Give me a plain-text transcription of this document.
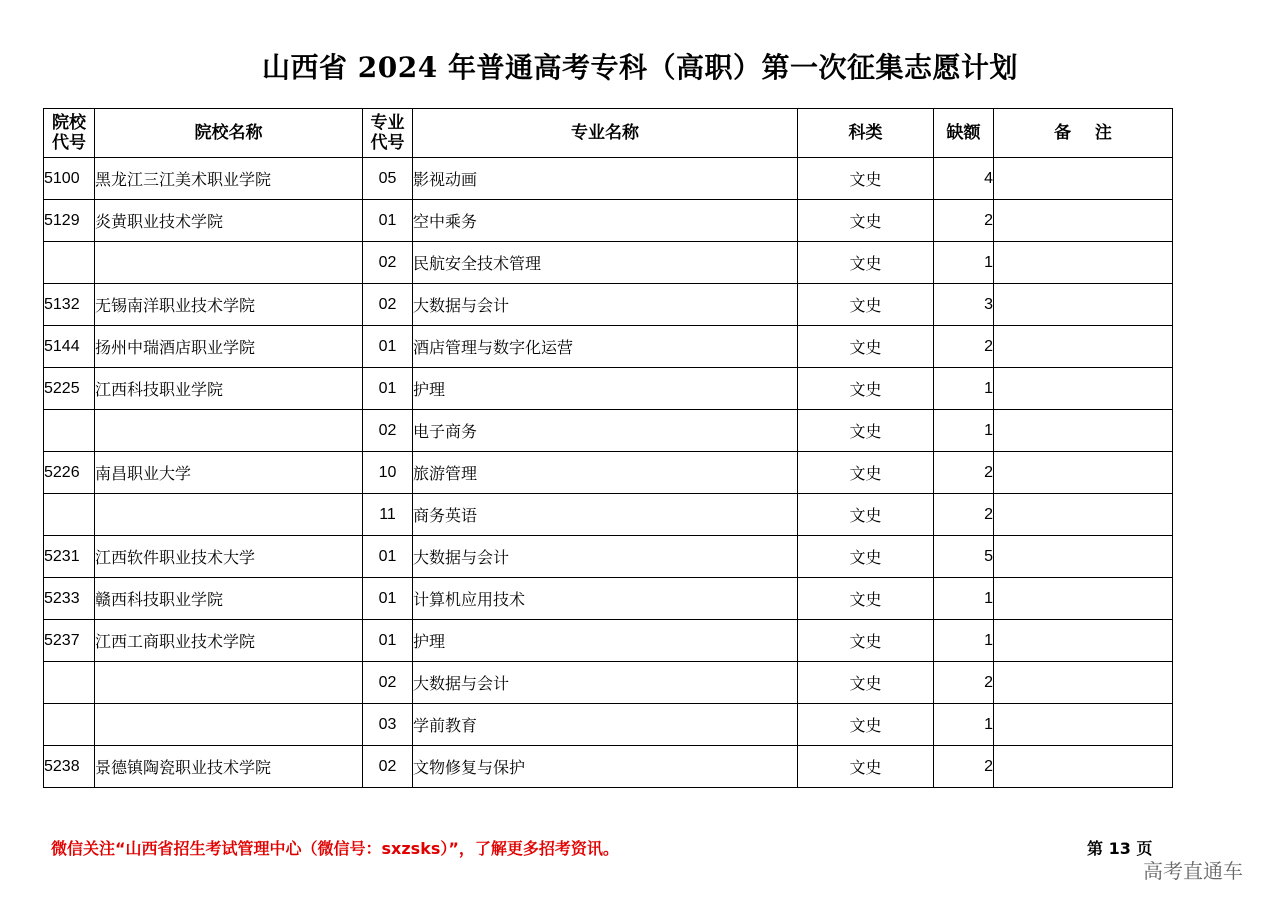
山西省 2024 年普通高考专科（高职）第一次征集志愿计划
院校代号	院校名称	专业代号	专业名称	科类	缺额	备    注
5100	黑龙江三江美术职业学院	05	影视动画	文史	4	
5129	炎黄职业技术学院	01	空中乘务	文史	2	
		02	民航安全技术管理	文史	1	
5132	无锡南洋职业技术学院	02	大数据与会计	文史	3	
5144	扬州中瑞酒店职业学院	01	酒店管理与数字化运营	文史	2	
5225	江西科技职业学院	01	护理	文史	1	
		02	电子商务	文史	1	
5226	南昌职业大学	10	旅游管理	文史	2	
		11	商务英语	文史	2	
5231	江西软件职业技术大学	01	大数据与会计	文史	5	
5233	赣西科技职业学院	01	计算机应用技术	文史	1	
5237	江西工商职业技术学院	01	护理	文史	1	
		02	大数据与会计	文史	2	
		03	学前教育	文史	1	
5238	景德镇陶瓷职业技术学院	02	文物修复与保护	文史	2	
微信关注“山西省招生考试管理中心（微信号：sxzsks）”，了解更多招考资讯。	第 13 页
高考直通车
